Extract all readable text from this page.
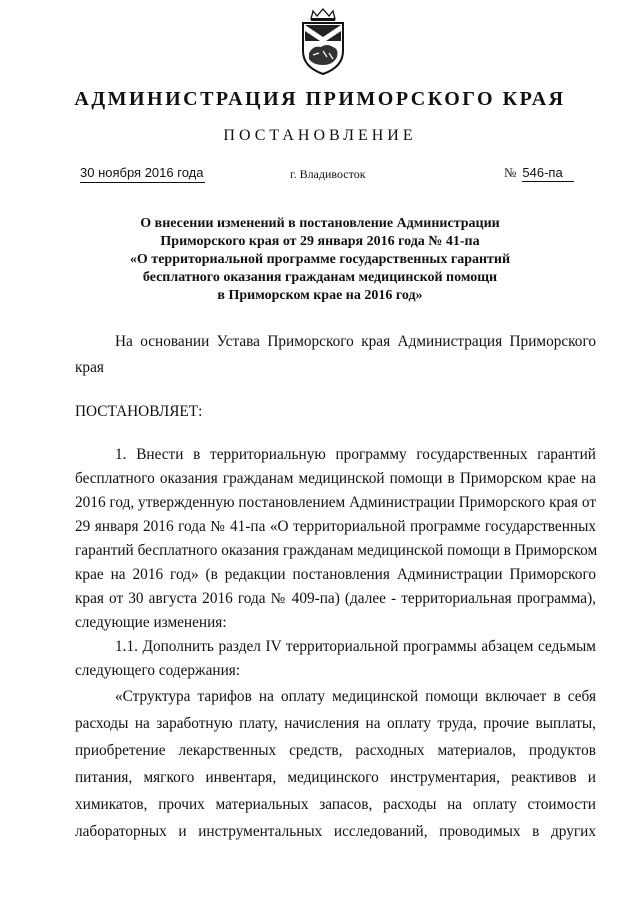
АДМИНИСТРАЦИЯ ПРИМОРСКОГО КРАЯ
ПОСТАНОВЛЕНИЕ
30 ноября 2016 года	г. Владивосток	№ 546-па
О внесении изменений в постановление Администрации
Приморского края от 29 января 2016 года № 41-па
«О территориальной программе государственных гарантий
бесплатного оказания гражданам медицинской помощи
в Приморском крае на 2016 год»
На основании Устава Приморского края Администрация Приморского
края
ПОСТАНОВЛЯЕТ:
1. Внести в территориальную программу государственных гарантий
бесплатного оказания гражданам медицинской помощи в Приморском крае на
2016 год, утвержденную постановлением Администрации Приморского края от
29 января 2016 года № 41-па «О территориальной программе государственных
гарантий бесплатного оказания гражданам медицинской помощи в Приморском
крае на 2016 год» (в редакции постановления Администрации Приморского
края от 30 августа 2016 года № 409-па) (далее - территориальная программа),
следующие изменения:
1.1. Дополнить раздел IV территориальной программы абзацем седьмым
следующего содержания:
«Структура тарифов на оплату медицинской помощи включает в себя
расходы на заработную плату, начисления на оплату труда, прочие выплаты,
приобретение лекарственных средств, расходных материалов, продуктов
питания, мягкого инвентаря, медицинского инструментария, реактивов и
химикатов, прочих материальных запасов, расходы на оплату стоимости
лабораторных и инструментальных исследований, проводимых в других
